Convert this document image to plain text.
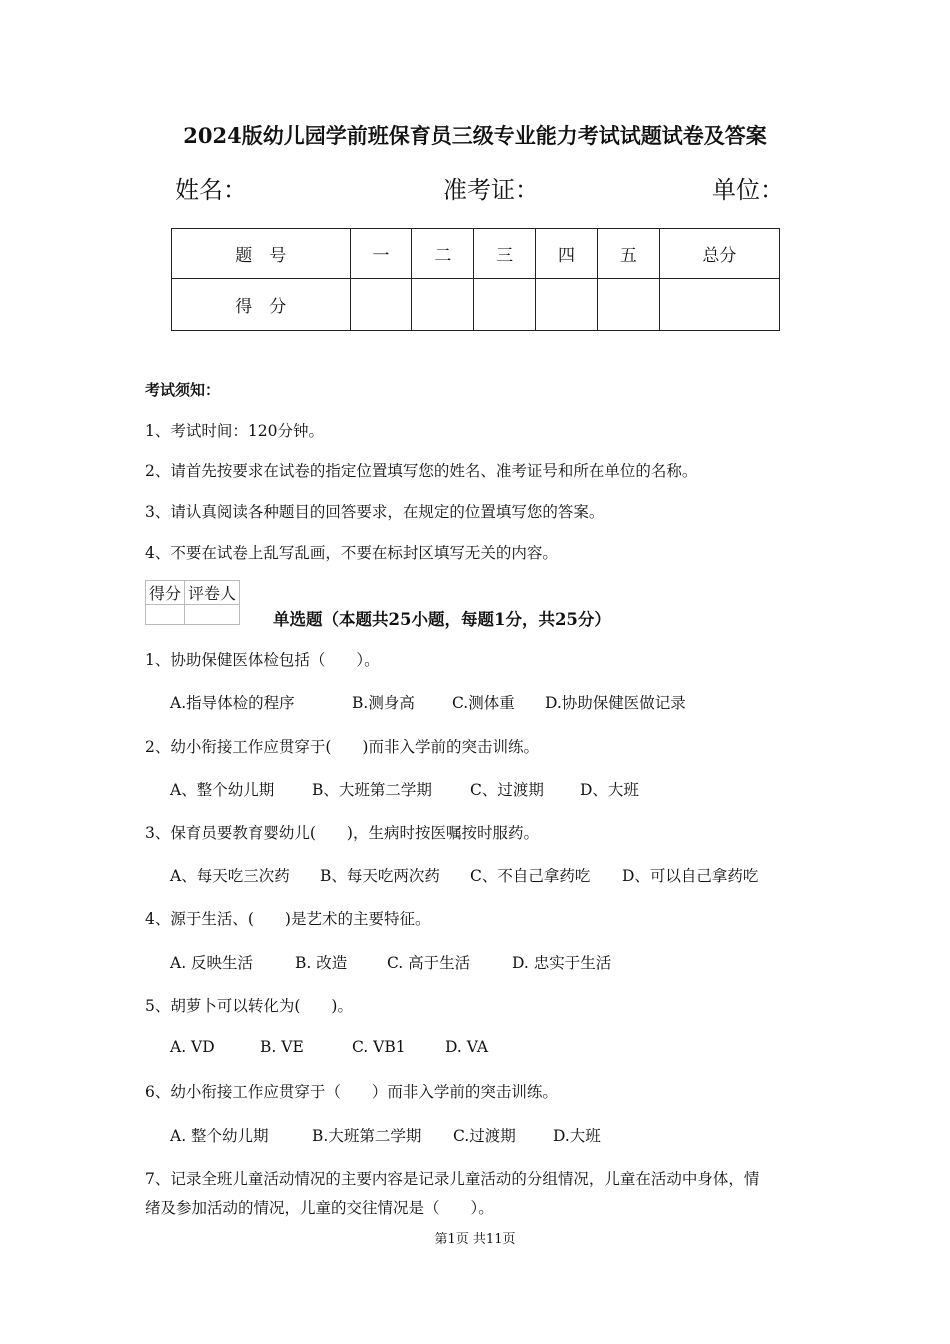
2024版幼儿园学前班保育员三级专业能力考试试题试卷及答案
姓名：	准考证：	单位：
题　号	一	二	三	四	五	总分
得　分						
考试须知：
1、考试时间：120分钟。
2、请首先按要求在试卷的指定位置填写您的姓名、准考证号和所在单位的名称。
3、请认真阅读各种题目的回答要求，在规定的位置填写您的答案。
4、不要在试卷上乱写乱画，不要在标封区填写无关的内容。
得分	评卷人

单选题（本题共25小题，每题1分，共25分）
1、协助保健医体检包括（　　）。
A.指导体检的程序	B.测身高 C.测体重 D.协助保健医做记录
2、幼小衔接工作应贯穿于(　　)而非入学前的突击训练。
A、整个幼儿期 B、大班第二学期 C、过渡期 D、大班
3、保育员要教育婴幼儿(　　)，生病时按医嘱按时服药。
A、每天吃三次药 B、每天吃两次药 C、不自己拿药吃 D、可以自己拿药吃
4、源于生活、(　　)是艺术的主要特征。
A. 反映生活	B. 改造	C. 高于生活	D. 忠实于生活
5、胡萝卜可以转化为(　　)。
A. VD	B. VE	C. VB1	D. VA
6、幼小衔接工作应贯穿于（　　）而非入学前的突击训练。
A. 整个幼儿期	B.大班第二学期 C.过渡期 D.大班
7、记录全班儿童活动情况的主要内容是记录儿童活动的分组情况，儿童在活动中身体，情
绪及参加活动的情况，儿童的交往情况是（　　）。
第1页 共11页
